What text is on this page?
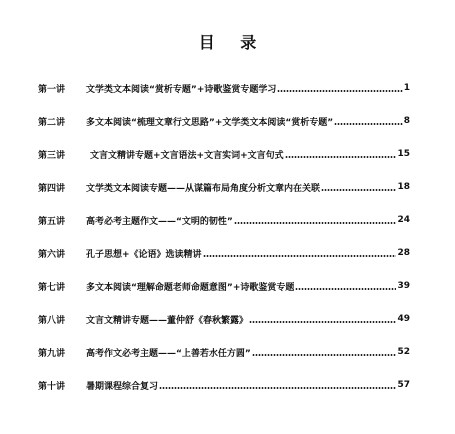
目 录
第一讲	文学类文本阅读“赏析专题”+诗歌鉴赏专题学习	1
第二讲	多文本阅读“梳理文章行文思路”+文学类文本阅读“赏析专题”	8
第三讲	文言文精讲专题+文言语法+文言实词+文言句式	15
第四讲	文学类文本阅读专题——从谋篇布局角度分析文章内在关联	18
第五讲	高考必考主题作文——“文明的韧性”	24
第六讲	孔子思想+《论语》选读精讲	28
第七讲	多文本阅读“理解命题老师命题意图”+诗歌鉴赏专题	39
第八讲	文言文精讲专题——董仲舒《春秋繁露》	49
第九讲	高考作文必考主题——“上善若水任方圆”	52
第十讲	暑期课程综合复习	57
